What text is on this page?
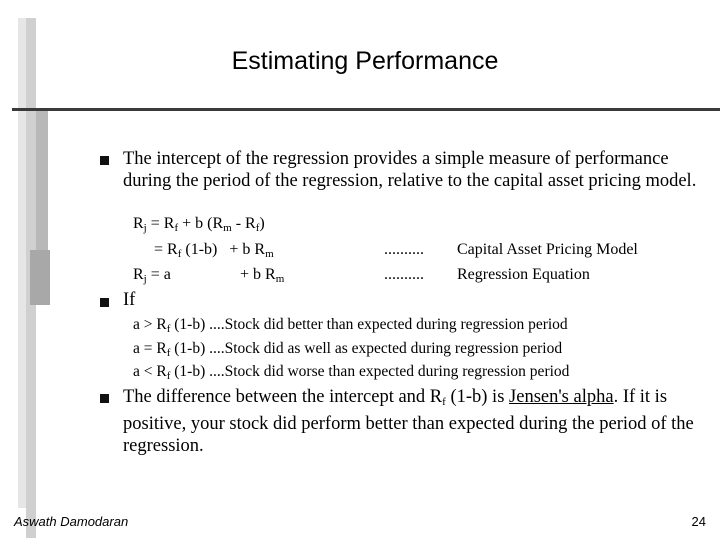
Estimating Performance
The intercept of the regression provides a simple measure of performance during the period of the regression, relative to the capital asset pricing model.
$R_j = R_f + b$ $(R_m - R_f)$
= $R_f$ (1-b)   + b $R_m$	.......... Capital Asset Pricing Model
$R_j = a$	+ b $R_m$	.......... Regression Equation
If
$a > R_f$ (1-b) ....Stock did better than expected during regression period
$a = R_f$ (1-b) ....Stock did as well as expected during regression period
$a < R_f$ (1-b) ....Stock did worse than expected during regression period
The difference between the intercept and $R_f$ (1-b) is Jensen's alpha. If it is positive, your stock did perform better than expected during the period of the regression.
Aswath Damodaran	24
